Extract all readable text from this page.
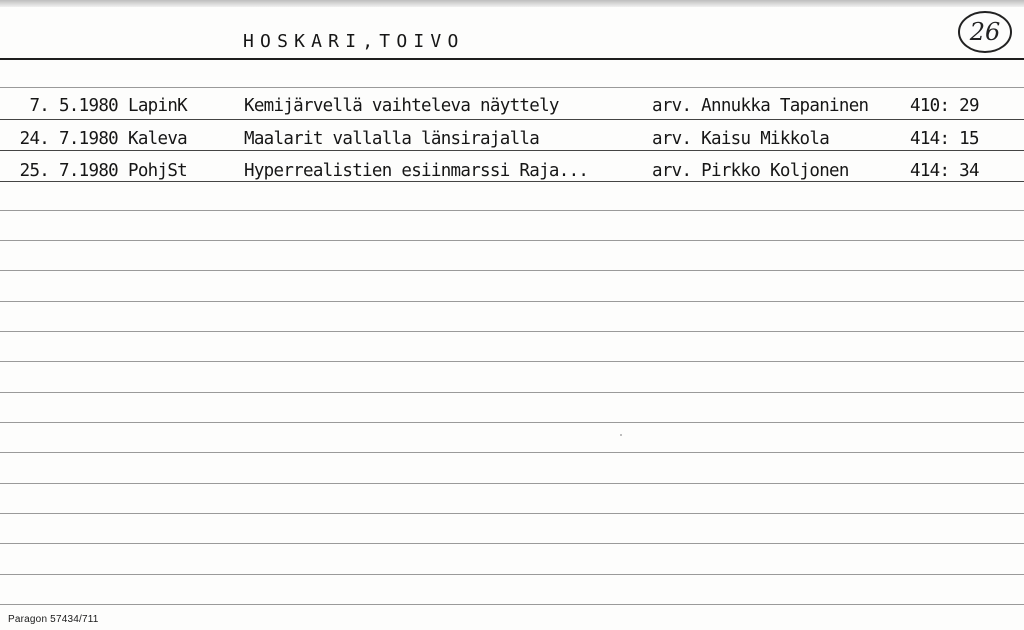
HOSKARI,TOIVO	26
7. 5.1980 LapinK	Kemijärvellä vaihteleva näyttely	arv. Annukka Tapaninen 410: 29
24. 7.1980 Kaleva	Maalarit vallalla länsirajalla	arv. Kaisu Mikkola	414: 15
25. 7.1980 PohjSt	Hyperrealistien esiinmarssi Raja...	arv. Pirkko Koljonen	414: 34
Paragon 57434/711
